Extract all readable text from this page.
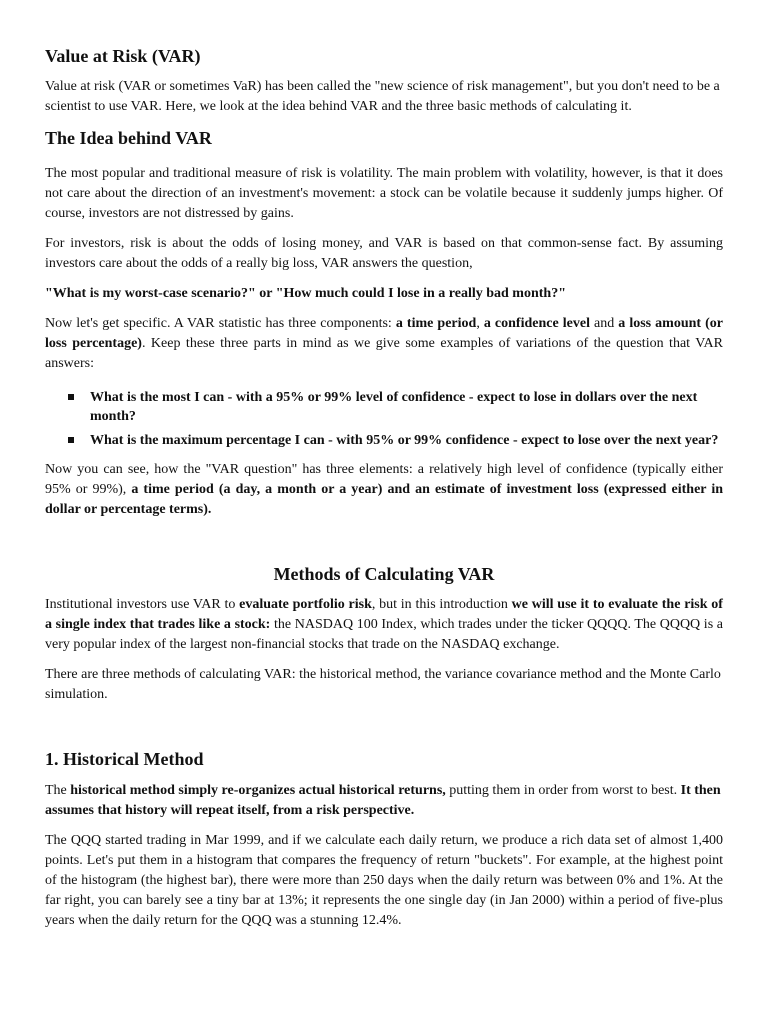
Value at Risk (VAR)

Value at risk (VAR or sometimes VaR) has been called the "new science of risk management", but you don't need to be a scientist to use VAR. Here, we look at the idea behind VAR and the three basic methods of calculating it.

The Idea behind VAR

The most popular and traditional measure of risk is volatility. The main problem with volatility, however, is that it does not care about the direction of an investment's movement: a stock can be volatile because it suddenly jumps higher. Of course, investors are not distressed by gains.

For investors, risk is about the odds of losing money, and VAR is based on that common-sense fact. By assuming investors care about the odds of a really big loss, VAR answers the question,

"What is my worst-case scenario?" or "How much could I lose in a really bad month?"

Now let's get specific. A VAR statistic has three components: a time period, a confidence level and a loss amount (or loss percentage). Keep these three parts in mind as we give some examples of variations of the question that VAR answers:

What is the most I can - with a 95% or 99% level of confidence - expect to lose in dollars over the next month?
What is the maximum percentage I can - with 95% or 99% confidence - expect to lose over the next year?

Now you can see, how the "VAR question" has three elements: a relatively high level of confidence (typically either 95% or 99%), a time period (a day, a month or a year) and an estimate of investment loss (expressed either in dollar or percentage terms).

Methods of Calculating VAR

Institutional investors use VAR to evaluate portfolio risk, but in this introduction we will use it to evaluate the risk of a single index that trades like a stock: the NASDAQ 100 Index, which trades under the ticker QQQQ. The QQQQ is a very popular index of the largest non-financial stocks that trade on the NASDAQ exchange.

There are three methods of calculating VAR: the historical method, the variance covariance method and the Monte Carlo simulation.

1. Historical Method

The historical method simply re-organizes actual historical returns, putting them in order from worst to best. It then assumes that history will repeat itself, from a risk perspective.

The QQQ started trading in Mar 1999, and if we calculate each daily return, we produce a rich data set of almost 1,400 points. Let's put them in a histogram that compares the frequency of return "buckets". For example, at the highest point of the histogram (the highest bar), there were more than 250 days when the daily return was between 0% and 1%. At the far right, you can barely see a tiny bar at 13%; it represents the one single day (in Jan 2000) within a period of five-plus years when the daily return for the QQQ was a stunning 12.4%.
